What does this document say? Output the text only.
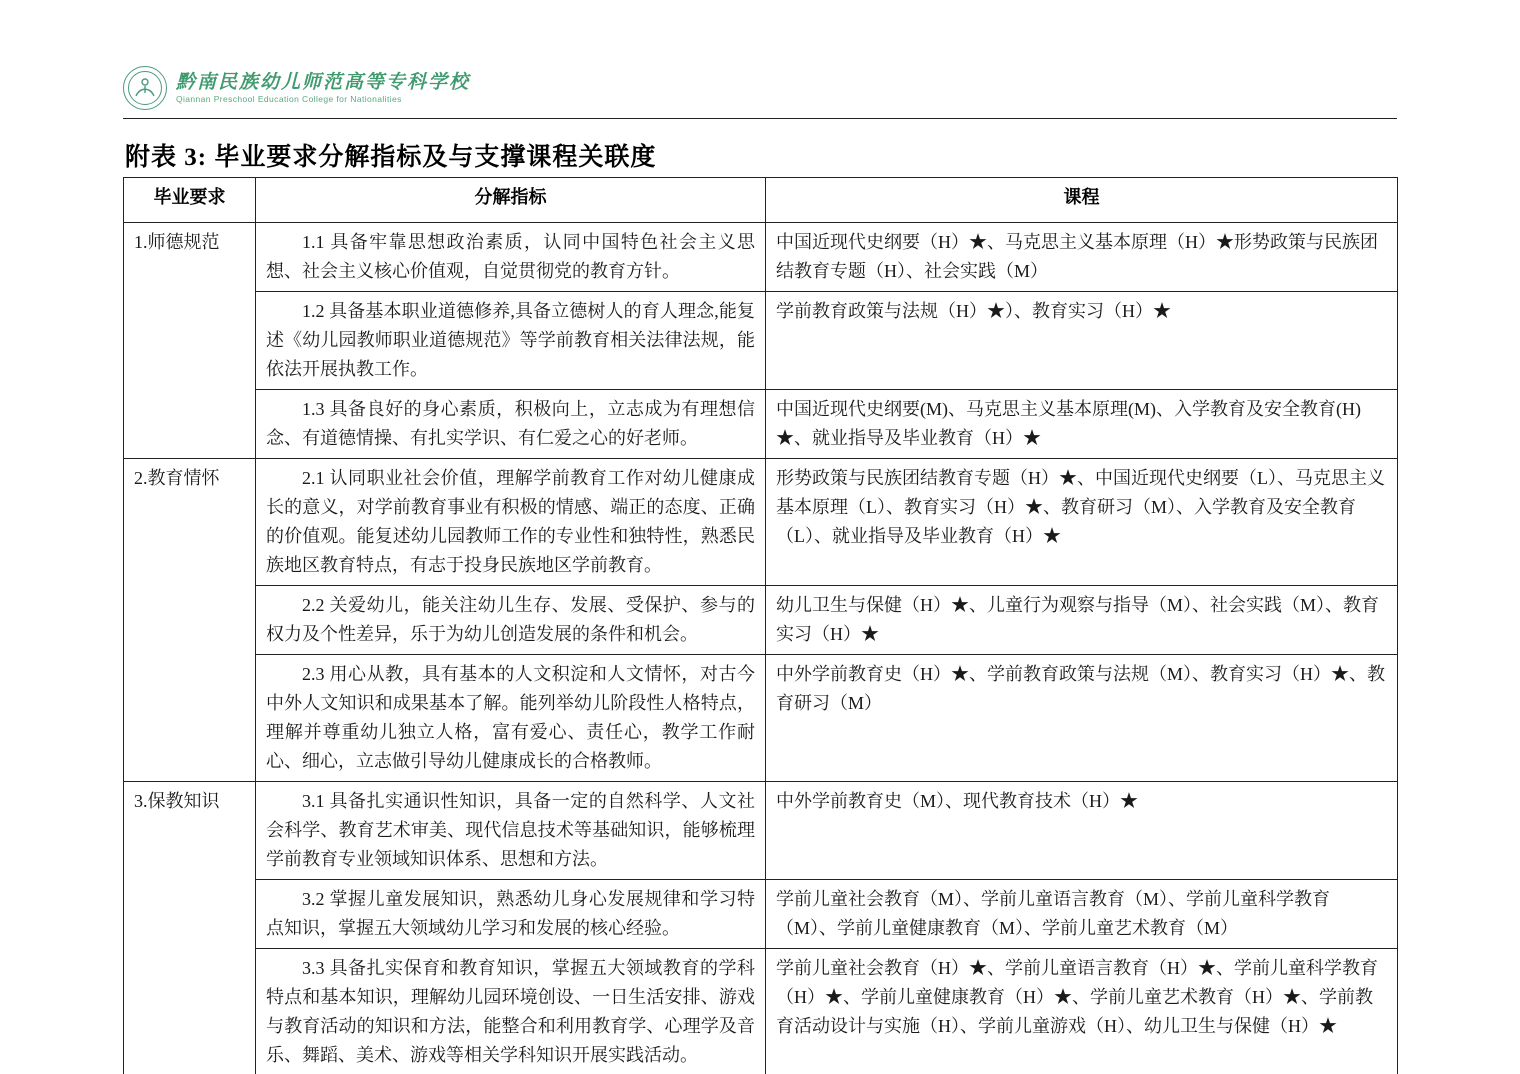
黔南民族幼儿师范高等专科学校
Qiannan Preschool Education College for Nationalities
附表 3: 毕业要求分解指标及与支撑课程关联度
毕业要求	分解指标	课程
1.师德规范	1.1 具备牢靠思想政治素质，认同中国特色社会主义思想、社会主义核心价值观，自觉贯彻党的教育方针。	中国近现代史纲要（H）★、马克思主义基本原理（H）★形势政策与民族团结教育专题（H）、社会实践（M）

	1.2 具备基本职业道德修养,具备立德树人的育人理念,能复述《幼儿园教师职业道德规范》等学前教育相关法律法规，能依法开展执教工作。	学前教育政策与法规（H）★）、教育实习（H）★

	1.3 具备良好的身心素质，积极向上，立志成为有理想信念、有道德情操、有扎实学识、有仁爱之心的好老师。	中国近现代史纲要(M)、马克思主义基本原理(M)、入学教育及安全教育(H)★、就业指导及毕业教育（H）★
2.教育情怀	2.1 认同职业社会价值，理解学前教育工作对幼儿健康成长的意义，对学前教育事业有积极的情感、端正的态度、正确的价值观。能复述幼儿园教师工作的专业性和独特性，熟悉民族地区教育特点，有志于投身民族地区学前教育。	形势政策与民族团结教育专题（H）★、中国近现代史纲要（L）、马克思主义基本原理（L）、教育实习（H）★、教育研习（M）、入学教育及安全教育（L）、就业指导及毕业教育（H）★

	2.2 关爱幼儿，能关注幼儿生存、发展、受保护、参与的权力及个性差异，乐于为幼儿创造发展的条件和机会。	幼儿卫生与保健（H）★、儿童行为观察与指导（M）、社会实践（M）、教育实习（H）★

	2.3 用心从教，具有基本的人文积淀和人文情怀，对古今中外人文知识和成果基本了解。能列举幼儿阶段性人格特点，理解并尊重幼儿独立人格，富有爱心、责任心，教学工作耐心、细心，立志做引导幼儿健康成长的合格教师。	中外学前教育史（H）★、学前教育政策与法规（M）、教育实习（H）★、教育研习（M）
3.保教知识	3.1 具备扎实通识性知识，具备一定的自然科学、人文社会科学、教育艺术审美、现代信息技术等基础知识，能够梳理学前教育专业领域知识体系、思想和方法。	中外学前教育史（M）、现代教育技术（H）★

	3.2 掌握儿童发展知识，熟悉幼儿身心发展规律和学习特点知识，掌握五大领域幼儿学习和发展的核心经验。	学前儿童社会教育（M）、学前儿童语言教育（M）、学前儿童科学教育（M）、学前儿童健康教育（M）、学前儿童艺术教育（M）

	3.3 具备扎实保育和教育知识，掌握五大领域教育的学科特点和基本知识，理解幼儿园环境创设、一日生活安排、游戏与教育活动的知识和方法，能整合和利用教育学、心理学及音乐、舞蹈、美术、游戏等相关学科知识开展实践活动。	学前儿童社会教育（H）★、学前儿童语言教育（H）★、学前儿童科学教育（H）★、学前儿童健康教育（H）★、学前儿童艺术教育（H）★、学前教育活动设计与实施（H）、学前儿童游戏（H）、幼儿卫生与保健（H）★
